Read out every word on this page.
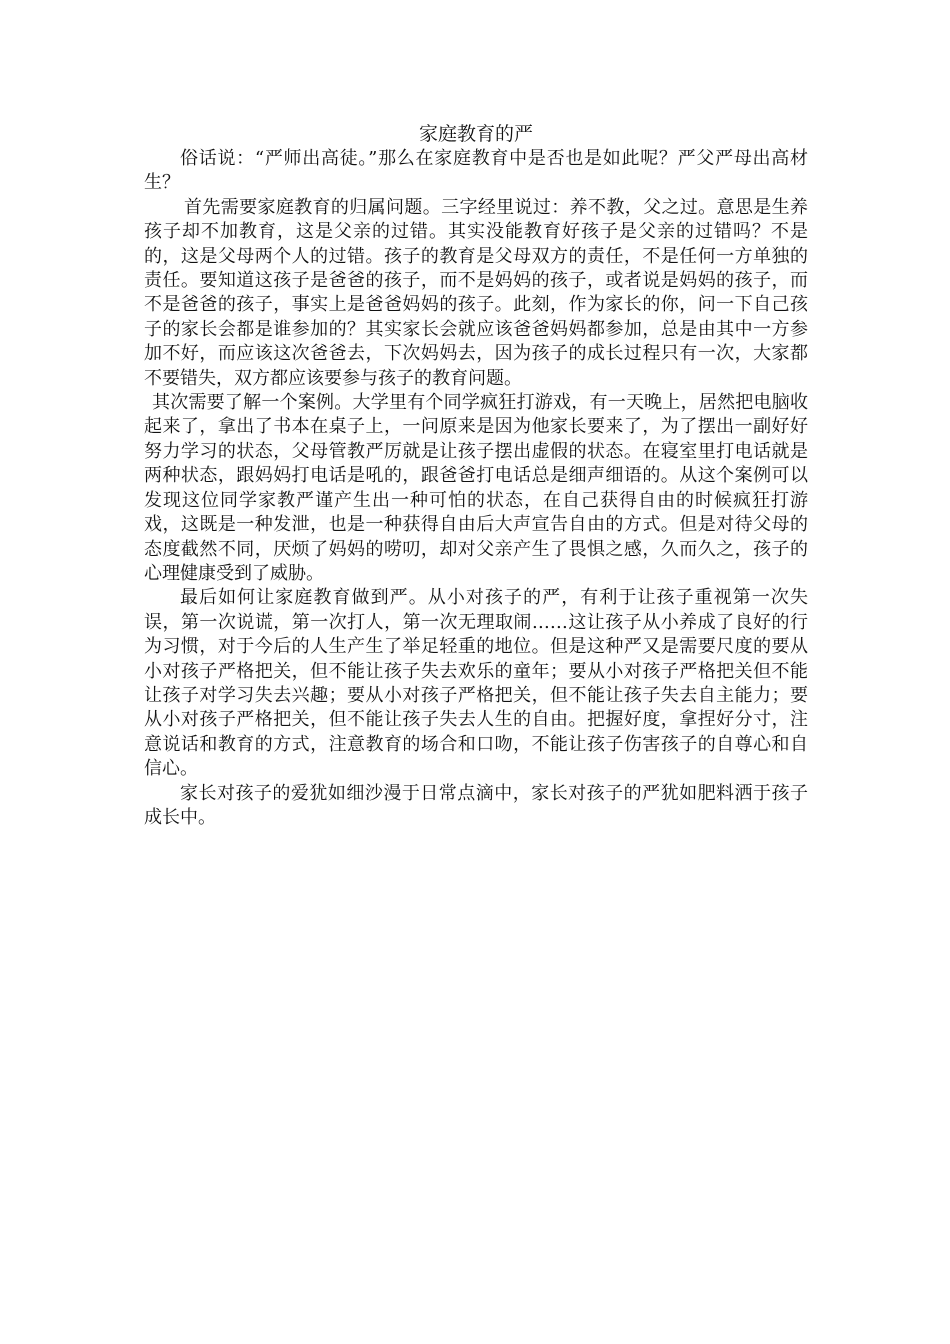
家庭教育的严

俗话说：“严师出高徒。”那么在家庭教育中是否也是如此呢？严父严母出高材生？

首先需要家庭教育的归属问题。三字经里说过：养不教，父之过。意思是生养孩子却不加教育，这是父亲的过错。其实没能教育好孩子是父亲的过错吗？不是的，这是父母两个人的过错。孩子的教育是父母双方的责任，不是任何一方单独的责任。要知道这孩子是爸爸的孩子，而不是妈妈的孩子，或者说是妈妈的孩子，而不是爸爸的孩子，事实上是爸爸妈妈的孩子。此刻，作为家长的你，问一下自己孩子的家长会都是谁参加的？其实家长会就应该爸爸妈妈都参加，总是由其中一方参加不好，而应该这次爸爸去，下次妈妈去，因为孩子的成长过程只有一次，大家都不要错失，双方都应该要参与孩子的教育问题。

其次需要了解一个案例。大学里有个同学疯狂打游戏，有一天晚上，居然把电脑收起来了，拿出了书本在桌子上，一问原来是因为他家长要来了，为了摆出一副好好努力学习的状态，父母管教严厉就是让孩子摆出虚假的状态。在寝室里打电话就是两种状态，跟妈妈打电话是吼的，跟爸爸打电话总是细声细语的。从这个案例可以发现这位同学家教严谨产生出一种可怕的状态，在自己获得自由的时候疯狂打游戏，这既是一种发泄，也是一种获得自由后大声宣告自由的方式。但是对待父母的态度截然不同，厌烦了妈妈的唠叨，却对父亲产生了畏惧之感，久而久之，孩子的心理健康受到了威胁。

最后如何让家庭教育做到严。从小对孩子的严，有利于让孩子重视第一次失误，第一次说谎，第一次打人，第一次无理取闹……这让孩子从小养成了良好的行为习惯，对于今后的人生产生了举足轻重的地位。但是这种严又是需要尺度的要从小对孩子严格把关，但不能让孩子失去欢乐的童年；要从小对孩子严格把关但不能让孩子对学习失去兴趣；要从小对孩子严格把关，但不能让孩子失去自主能力；要从小对孩子严格把关，但不能让孩子失去人生的自由。把握好度，拿捏好分寸，注意说话和教育的方式，注意教育的场合和口吻，不能让孩子伤害孩子的自尊心和自信心。

家长对孩子的爱犹如细沙漫于日常点滴中，家长对孩子的严犹如肥料洒于孩子成长中。
